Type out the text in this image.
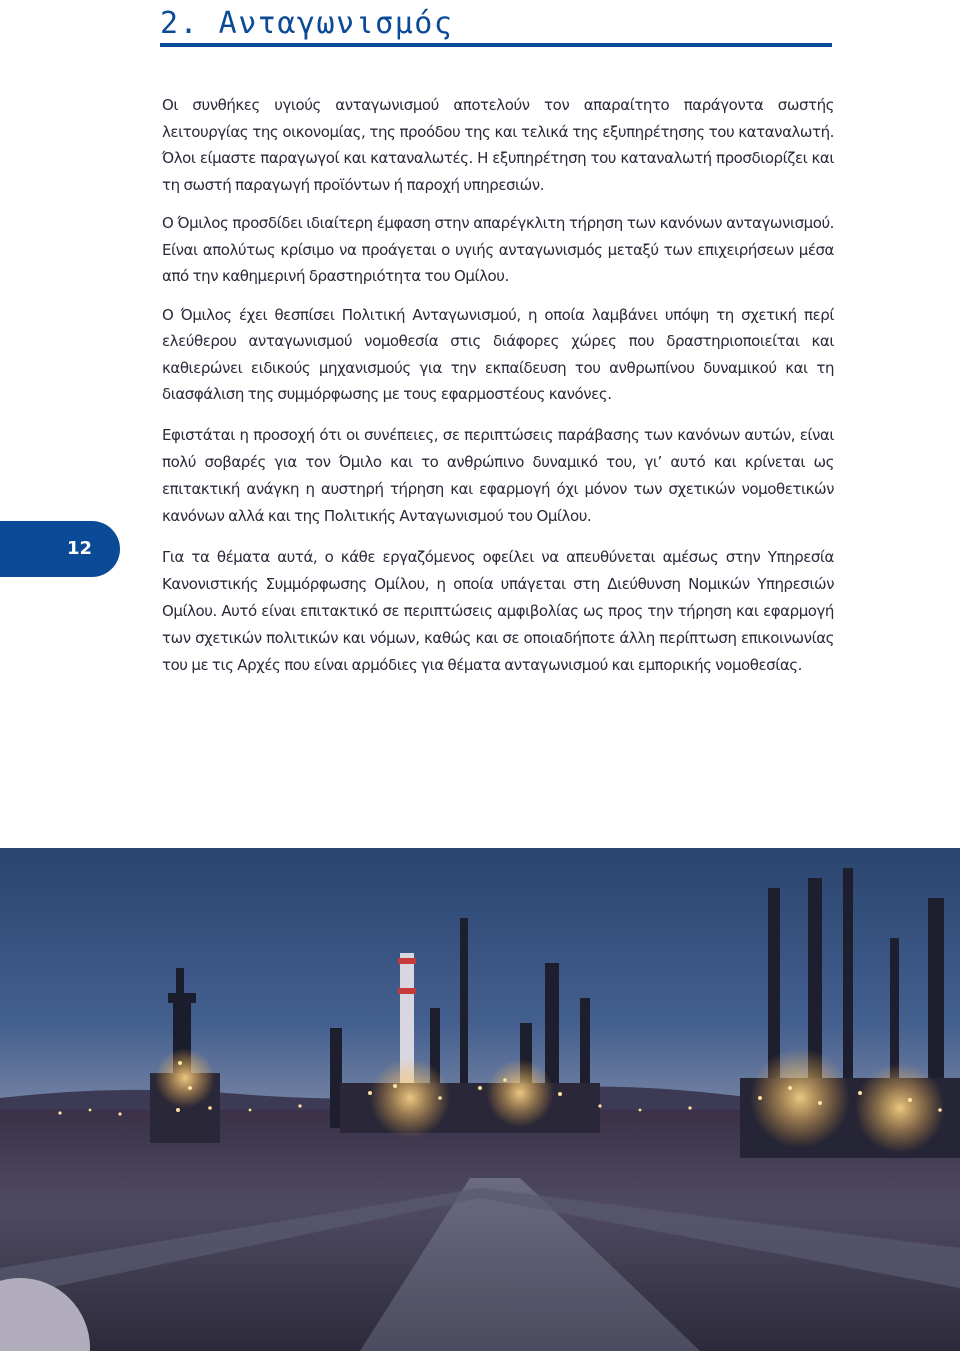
2. Ανταγωνισμός

Οι συνθήκες υγιούς ανταγωνισμού αποτελούν τον απαραίτητο παράγοντα σωστής λειτουργίας της οικονομίας, της προόδου της και τελικά της εξυπηρέτησης του καταναλωτή. Όλοι είμαστε παραγωγοί και καταναλωτές. Η εξυπηρέτηση του καταναλωτή προσδιορίζει και τη σωστή παραγωγή προϊόντων ή παροχή υπηρεσιών.

Ο Όμιλος προσδίδει ιδιαίτερη έμφαση στην απαρέγκλιτη τήρηση των κανόνων ανταγωνισμού. Είναι απολύτως κρίσιμο να προάγεται ο υγιής ανταγωνισμός μεταξύ των επιχειρήσεων μέσα από την καθημερινή δραστηριότητα του Ομίλου.

Ο Όμιλος έχει θεσπίσει Πολιτική Ανταγωνισμού, η οποία λαμβάνει υπόψη τη σχετική περί ελεύθερου ανταγωνισμού νομοθεσία στις διάφορες χώρες που δραστηριοποιείται και καθιερώνει ειδικούς μηχανισμούς για την εκπαίδευση του ανθρωπίνου δυναμικού και τη διασφάλιση της συμμόρφωσης με τους εφαρμοστέους κανόνες.

Εφιστάται η προσοχή ότι οι συνέπειες, σε περιπτώσεις παράβασης των κανόνων αυτών, είναι πολύ σοβαρές για τον Όμιλο και το ανθρώπινο δυναμικό του, γι’ αυτό και κρίνεται ως επιτακτική ανάγκη η αυστηρή τήρηση και εφαρμογή όχι μόνον των σχετικών νομοθετικών κανόνων αλλά και της Πολιτικής Ανταγωνισμού του Ομίλου.

Για τα θέματα αυτά, ο κάθε εργαζόμενος οφείλει να απευθύνεται αμέσως στην Υπηρεσία Κανονιστικής Συμμόρφωσης Ομίλου, η οποία υπάγεται στη Διεύθυνση Νομικών Υπηρεσιών Ομίλου. Αυτό είναι επιτακτικό σε περιπτώσεις αμφιβολίας ως προς την τήρηση και εφαρμογή των σχετικών πολιτικών και νόμων, καθώς και σε οποιαδήποτε άλλη περίπτωση επικοινωνίας του με τις Αρχές που είναι αρμόδιες για θέματα ανταγωνισμού και εμπορικής νομοθεσίας.

12
